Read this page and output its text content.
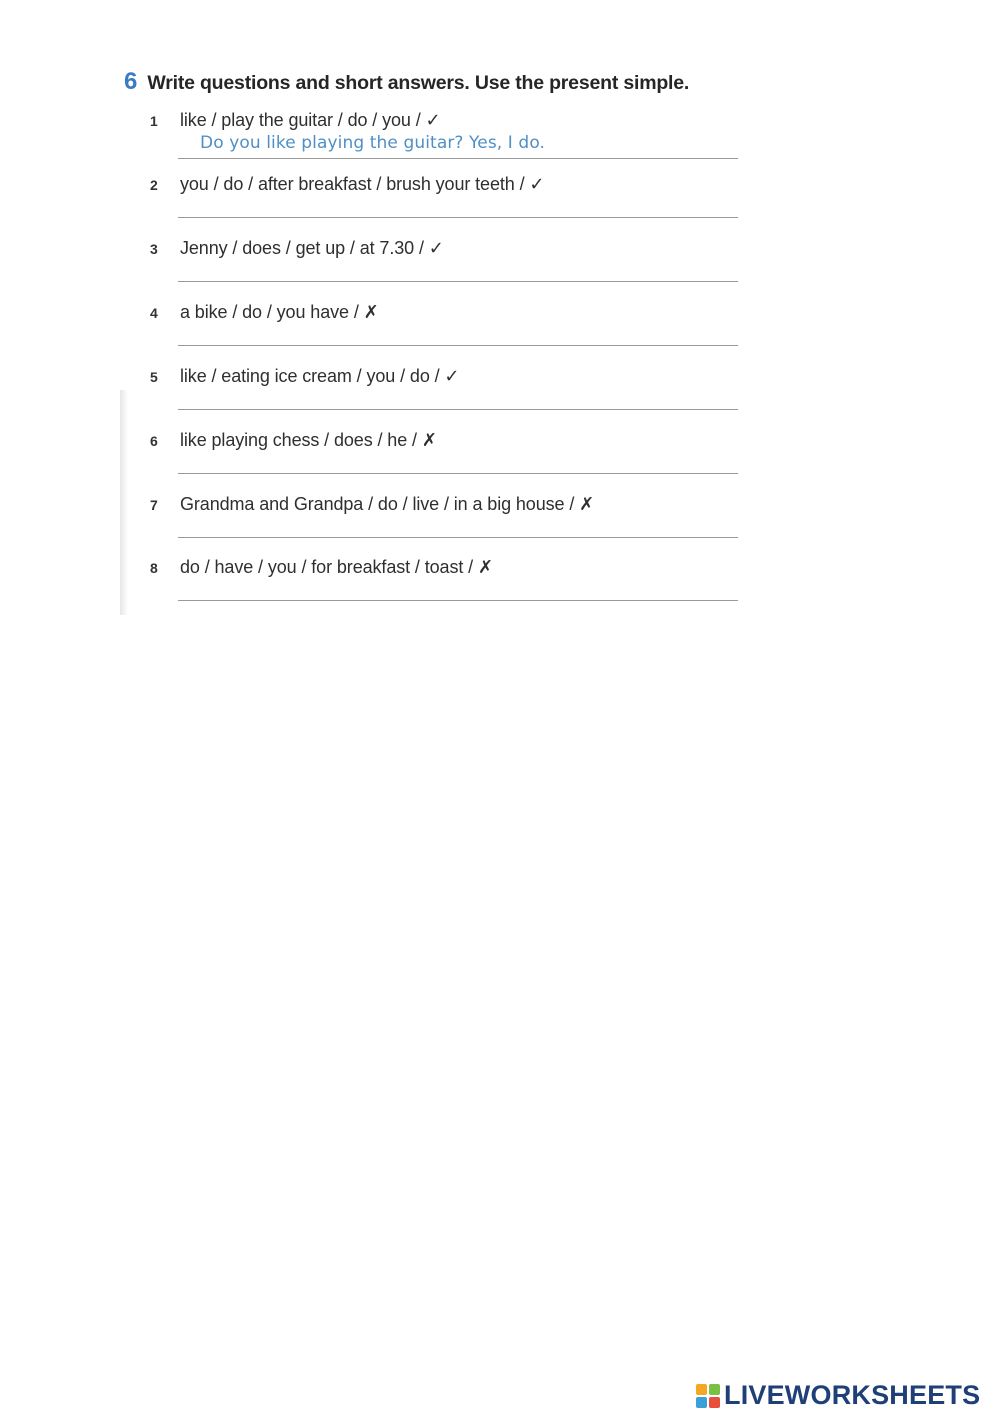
6 Write questions and short answers. Use the present simple.
1 like / play the guitar / do / you / ✓
Do you like playing the guitar? Yes, I do.
2 you / do / after breakfast / brush your teeth / ✓
3 Jenny / does / get up / at 7.30 / ✓
4 a bike / do / you have / ✗
5 like / eating ice cream / you / do / ✓
6 like playing chess / does / he / ✗
7 Grandma and Grandpa / do / live / in a big house / ✗
8 do / have / you / for breakfast / toast / ✗
LIVEWORKSHEETS
